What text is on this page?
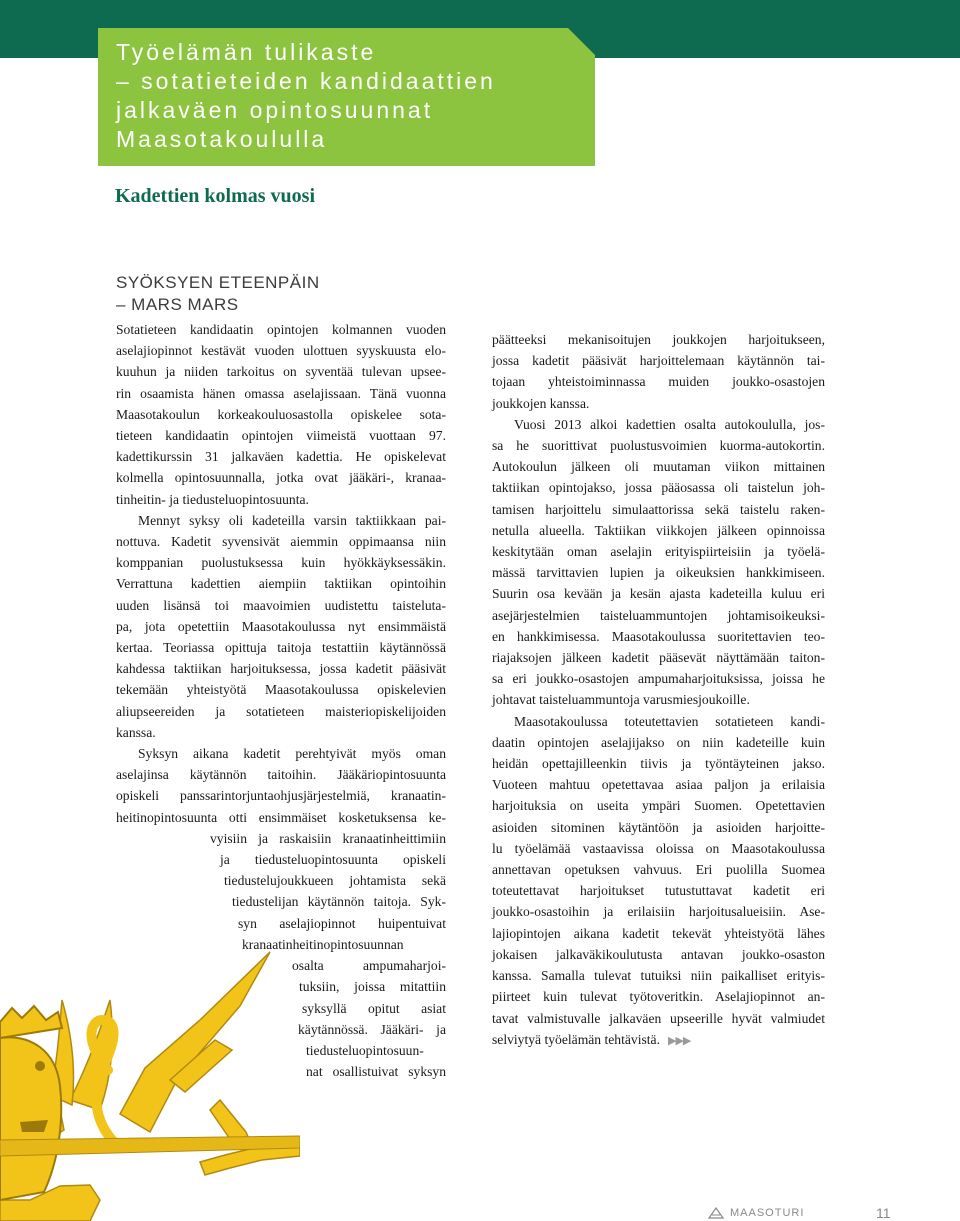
Työelämän tulikaste
– sotatieteiden kandidaattien
jalkaväen opintosuunnat
Maasotakoululla
Kadettien kolmas vuosi
SYÖKSYEN ETEENPÄIN
– MARS MARS

Sotatieteen kandidaatin opintojen kolmannen vuoden
aselajiopinnot kestävät vuoden ulottuen syyskuusta elo-
kuuhun ja niiden tarkoitus on syventää tulevan upsee-
rin osaamista hänen omassa aselajissaan. Tänä vuonna
Maasotakoulun korkeakouluosastolla opiskelee sota-
tieteen kandidaatin opintojen viimeistä vuottaan 97.
kadettikurssin 31 jalkaväen kadettia. He opiskelevat
kolmella opintosuunnalla, jotka ovat jääkäri-, kranaa-
tinheitin- ja tiedusteluopintosuunta.

Mennyt syksy oli kadeteilla varsin taktiikkaan pai-
nottuva. Kadetit syvensivät aiemmin oppimaansa niin
komppanian puolustuksessa kuin hyökkäyksessäkin.
Verrattuna kadettien aiempiin taktiikan opintoihin
uuden lisänsä toi maavoimien uudistettu taisteluta-
pa, jota opetettiin Maasotakoulussa nyt ensimmäistä
kertaa. Teoriassa opittuja taitoja testattiin käytännössä
kahdessa taktiikan harjoituksessa, jossa kadetit pääsivät
tekemään yhteistyötä Maasotakoulussa opiskelevien
aliupseereiden ja sotatieteen maisteriopiskelijoiden
kanssa.

Syksyn aikana kadetit perehtyivät myös oman
aselajinsa käytännön taitoihin. Jääkäriopintosuunta
opiskeli panssarintorjuntaohjusjärjestelmiä, kranaatin-
heitinopintosuunta otti ensimmäiset kosketuksensa ke-
vyisiin ja raskaisiin kranaatinheittimiin
ja tiedusteluopintosuunta opiskeli
tiedustelujoukkueen johtamista sekä
tiedustelijan käytännön taitoja. Syk-
syn aselajiopinnot huipentuivat
kranaatinheitinopintosuunnan
osalta ampumaharjoi-
tuksiin, joissa mitattiin
syksyllä opitut asiat
käytännössä. Jääkäri- ja
tiedusteluopintosuun-
nat osallistuivat syksyn

päätteeksi mekanisoitujen joukkojen harjoitukseen,
jossa kadetit pääsivät harjoittelemaan käytännön tai-
tojaan yhteistoiminnassa muiden joukko-osastojen
joukkojen kanssa.

Vuosi 2013 alkoi kadettien osalta autokoululla, jos-
sa he suorittivat puolustusvoimien kuorma-autokortin.
Autokoulun jälkeen oli muutaman viikon mittainen
taktiikan opintojakso, jossa pääosassa oli taistelun joh-
tamisen harjoittelu simulaattorissa sekä taistelu raken-
netulla alueella. Taktiikan viikkojen jälkeen opinnoissa
keskitytään oman aselajin erityispiirteisiin ja työelä-
mässä tarvittavien lupien ja oikeuksien hankkimiseen.
Suurin osa kevään ja kesän ajasta kadeteilla kuluu eri
asejärjestelmien taisteluammuntojen johtamisoikeuksi-
en hankkimisessa. Maasotakoulussa suoritettavien teo-
riajaksojen jälkeen kadetit pääsevät näyttämään taiton-
sa eri joukko-osastojen ampumaharjoituksissa, joissa he
johtavat taisteluammuntoja varusmiesjoukoille.

Maasotakoulussa toteutettavien sotatieteen kandi-
daatin opintojen aselajijakso on niin kadeteille kuin
heidän opettajilleenkin tiivis ja työntäyteinen jakso.
Vuoteen mahtuu opetettavaa asiaa paljon ja erilaisia
harjoituksia on useita ympäri Suomen. Opetettavien
asioiden sitominen käytäntöön ja asioiden harjoitte-
lu työelämää vastaavissa oloissa on Maasotakoulussa
annettavan opetuksen vahvuus. Eri puolilla Suomea
toteutettavat harjoitukset tutustuttavat kadetit eri
joukko-osastoihin ja erilaisiin harjoitusalueisiin. Ase-
lajiopintojen aikana kadetit tekevät yhteistyötä lähes
jokaisen jalkaväkikoulutusta antavan joukko-osaston
kanssa. Samalla tulevat tutuiksi niin paikalliset erityis-
piirteet kuin tulevat työtoveritkin. Aselajiopinnot an-
tavat valmistuvalle jalkaväen upseerille hyvät valmiudet
selviytyä työelämän tehtävistä. ▶▶▶

MAASOTURI	11
